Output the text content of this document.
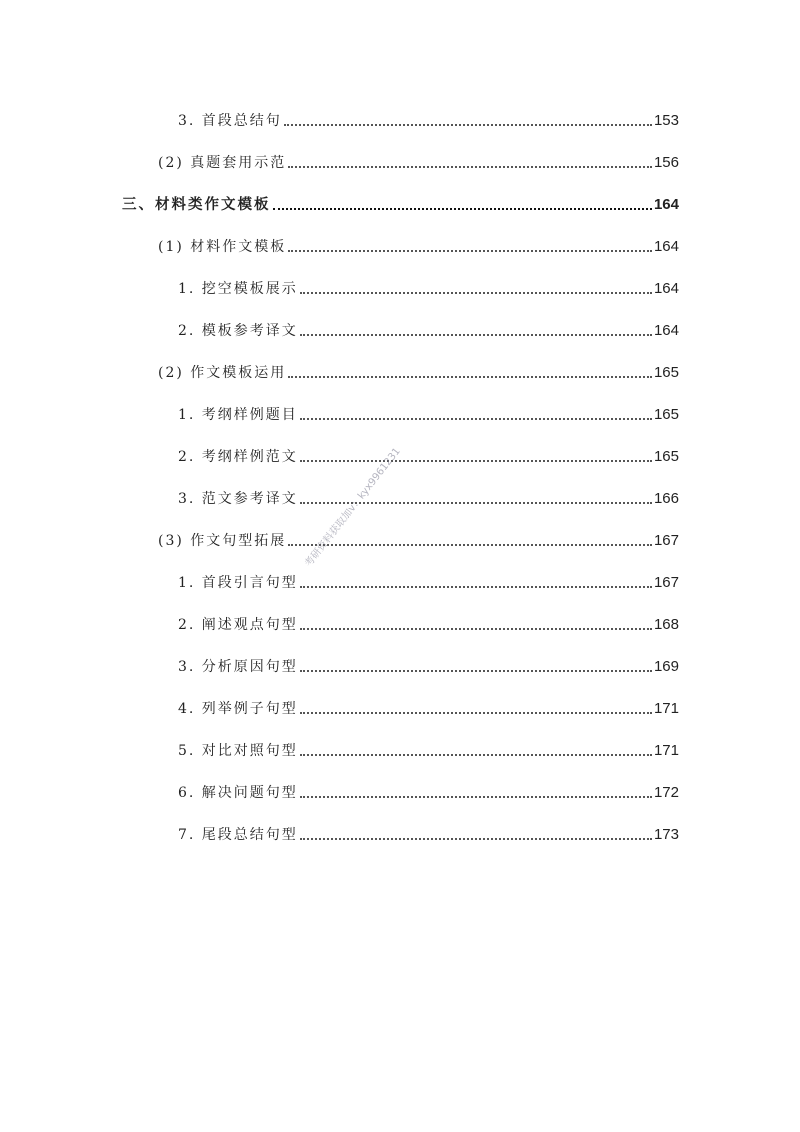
3. 首段总结句	153
(2) 真题套用示范	156
三、材料类作文模板	164
(1) 材料作文模板	164
1. 挖空模板展示	164
2. 模板参考译文	164
(2) 作文模板运用	165
1. 考纲样例题目	165
2. 考纲样例范文	165
3. 范文参考译文	166
(3) 作文句型拓展	167
1. 首段引言句型	167
2. 阐述观点句型	168
3. 分析原因句型	169
4. 列举例子句型	171
5. 对比对照句型	171
6. 解决问题句型	172
7. 尾段总结句型	173
考研资料获取加v：kyx9961231
